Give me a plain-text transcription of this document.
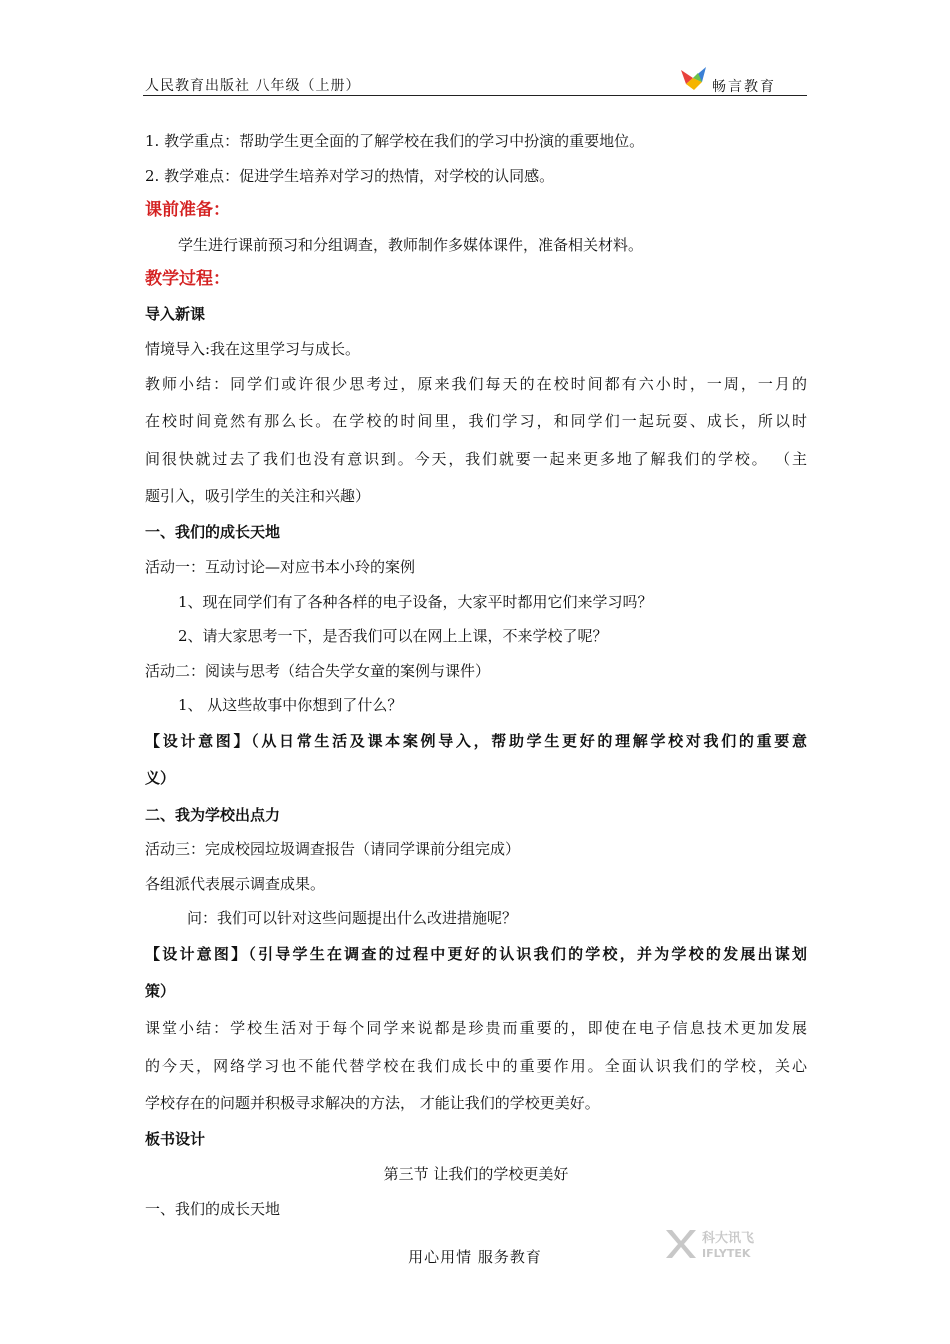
人民教育出版社 八年级（上册）	畅言教育
1. 教学重点：帮助学生更全面的了解学校在我们的学习中扮演的重要地位。
2. 教学难点：促进学生培养对学习的热情，对学校的认同感。
课前准备：
学生进行课前预习和分组调查，教师制作多媒体课件，准备相关材料。
教学过程：
导入新课
情境导入:我在这里学习与成长。
教师小结：同学们或许很少思考过，原来我们每天的在校时间都有六小时，一周，一月的
在校时间竟然有那么长。在学校的时间里，我们学习，和同学们一起玩耍、成长，所以时
间很快就过去了我们也没有意识到。今天，我们就要一起来更多地了解我们的学校。 （主
题引入，吸引学生的关注和兴趣）
一、我们的成长天地
活动一：互动讨论—对应书本小玲的案例
1、现在同学们有了各种各样的电子设备，大家平时都用它们来学习吗？
2、请大家思考一下，是否我们可以在网上上课，不来学校了呢？
活动二：阅读与思考（结合失学女童的案例与课件）
1、 从这些故事中你想到了什么？
【设计意图】（从日常生活及课本案例导入，帮助学生更好的理解学校对我们的重要意
义）
二、我为学校出点力
活动三：完成校园垃圾调查报告（请同学课前分组完成）
各组派代表展示调查成果。
问：我们可以针对这些问题提出什么改进措施呢？
【设计意图】（引导学生在调查的过程中更好的认识我们的学校，并为学校的发展出谋划
策）
课堂小结：学校生活对于每个同学来说都是珍贵而重要的，即使在电子信息技术更加发展
的今天，网络学习也不能代替学校在我们成长中的重要作用。全面认识我们的学校，关心
学校存在的问题并积极寻求解决的方法， 才能让我们的学校更美好。
板书设计
第三节 让我们的学校更美好
一、我们的成长天地
用心用情 服务教育
科大讯飞
IFLYTEK
